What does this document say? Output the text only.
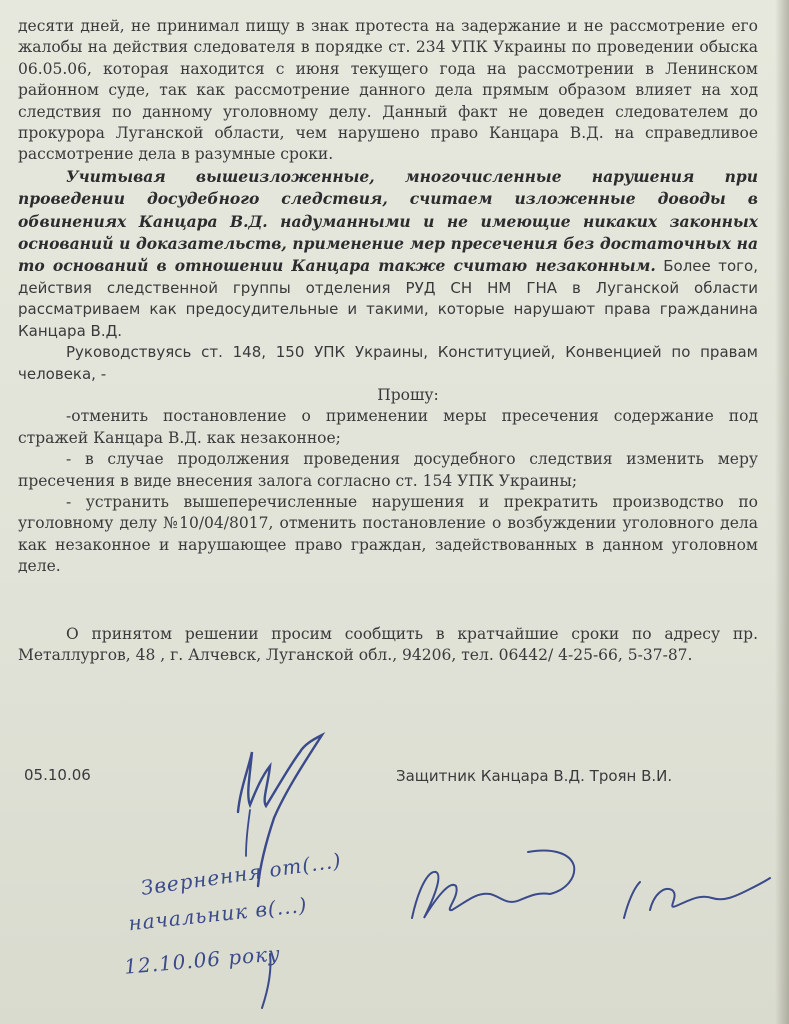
десяти дней, не принимал пищу в знак протеста на задержание и не рассмотрение его жалобы на действия следователя в порядке ст. 234 УПК Украины по проведении обыска 06.05.06, которая находится с июня текущего года на рассмотрении в Ленинском районном суде, так как рассмотрение данного дела прямым образом влияет на ход следствия по данному уголовному делу. Данный факт не доведен следователем до прокурора Луганской области, чем нарушено право Канцара В.Д. на справедливое рассмотрение дела в разумные сроки.

Учитывая вышеизложенные, многочисленные нарушения при проведении досудебного следствия, считаем изложенные доводы в обвинениях Канцара В.Д. надуманными и не имеющие никаких законных оснований и доказательств, применение мер пресечения без достаточных на то оснований в отношении Канцара также считаю незаконным. Более того, действия следственной группы отделения РУД СН НМ ГНА в Луганской области рассматриваем как предосудительные и такими, которые нарушают права гражданина Канцара В.Д.

Руководствуясь ст. 148, 150 УПК Украины, Конституцией, Конвенцией по правам человека, -

Прошу:

-отменить постановление о применении меры пресечения содержание под стражей Канцара В.Д. как незаконное;

- в случае продолжения проведения досудебного следствия изменить меру пресечения в виде внесения залога согласно ст. 154 УПК Украины;

- устранить вышеперечисленные нарушения и прекратить производство по уголовному делу №10/04/8017, отменить постановление о возбуждении уголовного дела как незаконное и нарушающее право граждан, задействованных в данном уголовном деле.

О принятом решении просим сообщить в кратчайшие сроки по адресу пр. Металлургов, 48 , г. Алчевск, Луганской обл., 94206, тел. 06442/ 4-25-66, 5-37-87.

05.10.06	Защитник Канцара В.Д. Троян В.И.
Звернення от(...)
начальник в(...)
12.10.06 року
